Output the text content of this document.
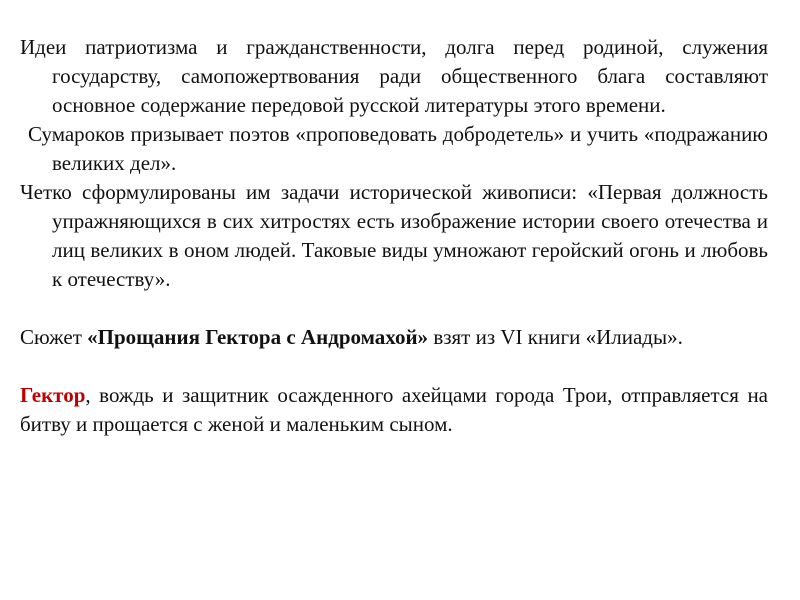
Идеи патриотизма и гражданственности, долга перед родиной, служения государству, самопожертвования ради общественного блага составляют основное содержание передовой русской литературы этого времени.

Сумароков призывает поэтов «проповедовать добродетель» и учить «подражанию великих дел».

Четко сформулированы им задачи исторической живописи: «Первая должность упражняющихся в сих хитростях есть изображение истории своего отечества и лиц великих в оном людей. Таковые виды умножают геройский огонь и любовь к отечеству».

Сюжет «Прощания Гектора с Андромахой» взят из VI книги «Илиады».

Гектор, вождь и защитник осажденного ахейцами города Трои, отправляется на битву и прощается с женой и маленьким сыном.
